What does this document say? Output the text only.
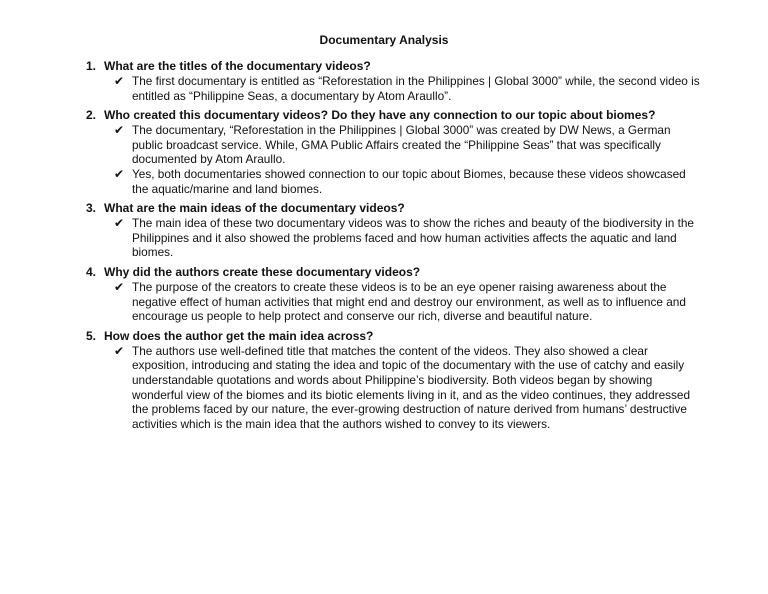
Documentary Analysis
1. What are the titles of the documentary videos?
✔ The first documentary is entitled as “Reforestation in the Philippines | Global 3000” while, the second video is entitled as “Philippine Seas, a documentary by Atom Araullo”.
2. Who created this documentary videos? Do they have any connection to our topic about biomes?
✔ The documentary, “Reforestation in the Philippines | Global 3000” was created by DW News, a German public broadcast service. While, GMA Public Affairs created the “Philippine Seas” that was specifically documented by Atom Araullo.
✔ Yes, both documentaries showed connection to our topic about Biomes, because these videos showcased the aquatic/marine and land biomes.
3. What are the main ideas of the documentary videos?
✔ The main idea of these two documentary videos was to show the riches and beauty of the biodiversity in the Philippines and it also showed the problems faced and how human activities affects the aquatic and land biomes.
4. Why did the authors create these documentary videos?
✔ The purpose of the creators to create these videos is to be an eye opener raising awareness about the negative effect of human activities that might end and destroy our environment, as well as to influence and encourage us people to help protect and conserve our rich, diverse and beautiful nature.
5. How does the author get the main idea across?
✔ The authors use well-defined title that matches the content of the videos. They also showed a clear exposition, introducing and stating the idea and topic of the documentary with the use of catchy and easily understandable quotations and words about Philippine’s biodiversity. Both videos began by showing wonderful view of the biomes and its biotic elements living in it, and as the video continues, they addressed the problems faced by our nature, the ever-growing destruction of nature derived from humans’ destructive activities which is the main idea that the authors wished to convey to its viewers.
